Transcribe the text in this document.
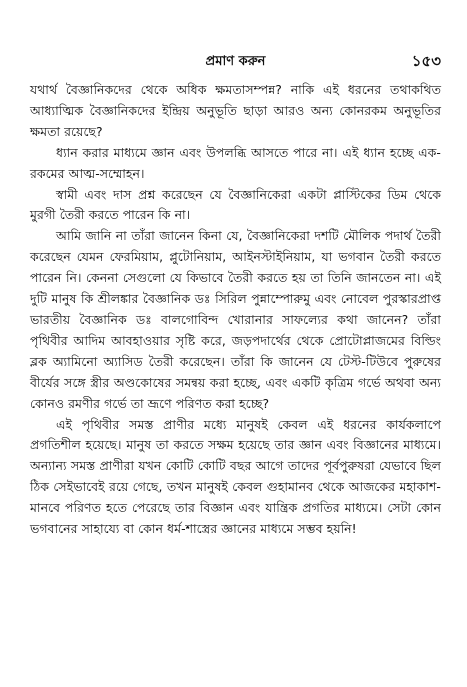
প্রমাণ করুন	১৫৩

যথার্থ বৈজ্ঞানিকদের থেকে অধিক ক্ষমতাসম্পন্ন? নাকি এই ধরনের তথাকথিত আধ্যাত্মিক বৈজ্ঞানিকদের ইন্দ্রিয় অনুভূতি ছাড়া আরও অন্য কোনরকম অনুভূতির ক্ষমতা রয়েছে?

ধ্যান করার মাধ্যমে জ্ঞান এবং উপলব্ধি আসতে পারে না। এই ধ্যান হচ্ছে এক-রকমের আত্ম-সম্মোহন।

স্বামী এবং দাস প্রশ্ন করেছেন যে বৈজ্ঞানিকেরা একটা প্লাস্টিকের ডিম থেকে মুরগী তৈরী করতে পারেন কি না।

আমি জানি না তাঁরা জানেন কিনা যে, বৈজ্ঞানিকেরা দশটি মৌলিক পদার্থ তৈরী করেছেন যেমন ফেরমিয়াম, প্লুটোনিয়াম, আইনস্টাইনিয়াম, যা ভগবান তৈরী করতে পারেন নি। কেননা সেগুলো যে কিভাবে তৈরী করতে হয় তা তিনি জানতেন না। এই দুটি মানুষ কি শ্রীলঙ্কার বৈজ্ঞানিক ডঃ সিরিল পুন্নাম্পোরুমু এবং নোবেল পুরস্কারপ্রাপ্ত ভারতীয় বৈজ্ঞানিক ডঃ বালগোবিন্দ খোরানার সাফল্যের কথা জানেন? তাঁরা পৃথিবীর আদিম আবহাওয়ার সৃষ্টি করে, জড়পদার্থের থেকে প্রোটোপ্লাজমের বিল্ডিং ব্লক অ্যামিনো অ্যাসিড তৈরী করেছেন। তাঁরা কি জানেন যে টেস্ট-টিউবে পুরুষের বীর্যের সঙ্গে স্ত্রীর অণ্ডকোষের সমন্বয় করা হচ্ছে, এবং একটি কৃত্রিম গর্ভে অথবা অন্য কোনও রমণীর গর্ভে তা ভ্রূণে পরিণত করা হচ্ছে?

এই পৃথিবীর সমস্ত প্রাণীর মধ্যে মানুষই কেবল এই ধরনের কার্যকলাপে প্রগতিশীল হয়েছে। মানুষ তা করতে সক্ষম হয়েছে তার জ্ঞান এবং বিজ্ঞানের মাধ্যমে। অন্যান্য সমস্ত প্রাণীরা যখন কোটি কোটি বছর আগে তাদের পূর্বপুরুষরা যেভাবে ছিল ঠিক সেইভাবেই রয়ে গেছে, তখন মানুষই কেবল গুহামানব থেকে আজকের মহাকাশ-মানবে পরিণত হতে পেরেছে তার বিজ্ঞান এবং যান্ত্রিক প্রগতির মাধ্যমে। সেটা কোন ভগবানের সাহায্যে বা কোন ধর্ম-শাস্ত্রের জ্ঞানের মাধ্যমে সম্ভব হয়নি!
